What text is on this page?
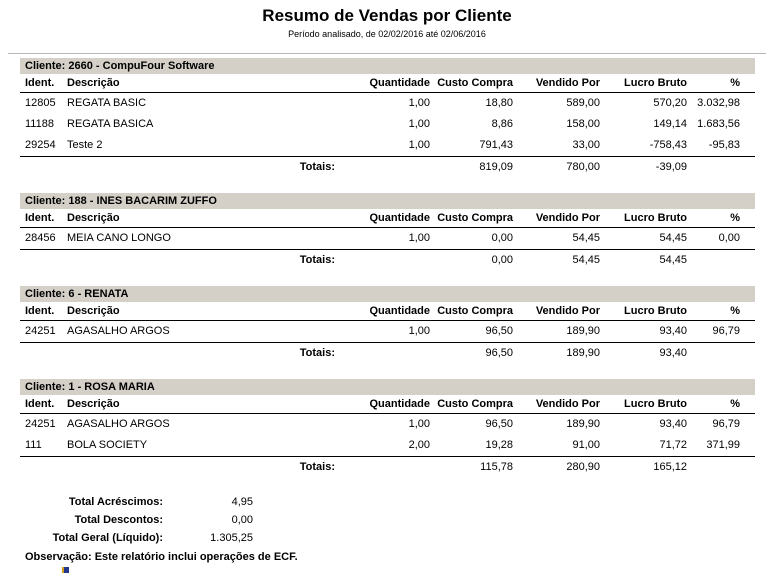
Resumo de Vendas por Cliente
Período analisado, de 02/02/2016 até 02/06/2016
Cliente: 2660 - CompuFour Software
Ident.	Descrição	Quantidade Custo Compra	Vendido Por	Lucro Bruto	%
12805	REGATA BASIC	1,00	18,80	589,00	570,20 3.032,98
11188	REGATA BASICA	1,00	8,86	158,00	149,14 1.683,56
29254	Teste 2	1,00	791,43	33,00	-758,43	-95,83
Totais:	819,09	780,00	-39,09
Cliente: 188 - INES BACARIM ZUFFO
Ident.	Descrição	Quantidade Custo Compra	Vendido Por	Lucro Bruto	%
28456	MEIA CANO LONGO	1,00	0,00	54,45	54,45	0,00
Totais:	0,00	54,45	54,45
Cliente: 6 - RENATA
Ident.	Descrição	Quantidade Custo Compra	Vendido Por	Lucro Bruto	%
24251	AGASALHO ARGOS	1,00	96,50	189,90	93,40	96,79
Totais:	96,50	189,90	93,40
Cliente: 1 - ROSA MARIA
Ident.	Descrição	Quantidade Custo Compra	Vendido Por	Lucro Bruto	%
24251	AGASALHO ARGOS	1,00	96,50	189,90	93,40	96,79
111	BOLA SOCIETY	2,00	19,28	91,00	71,72	371,99
Totais:	115,78	280,90	165,12
Total Acréscimos:	4,95
Total Descontos:	0,00
Total Geral (Líquido):	1.305,25
Observação: Este relatório inclui operações de ECF.
